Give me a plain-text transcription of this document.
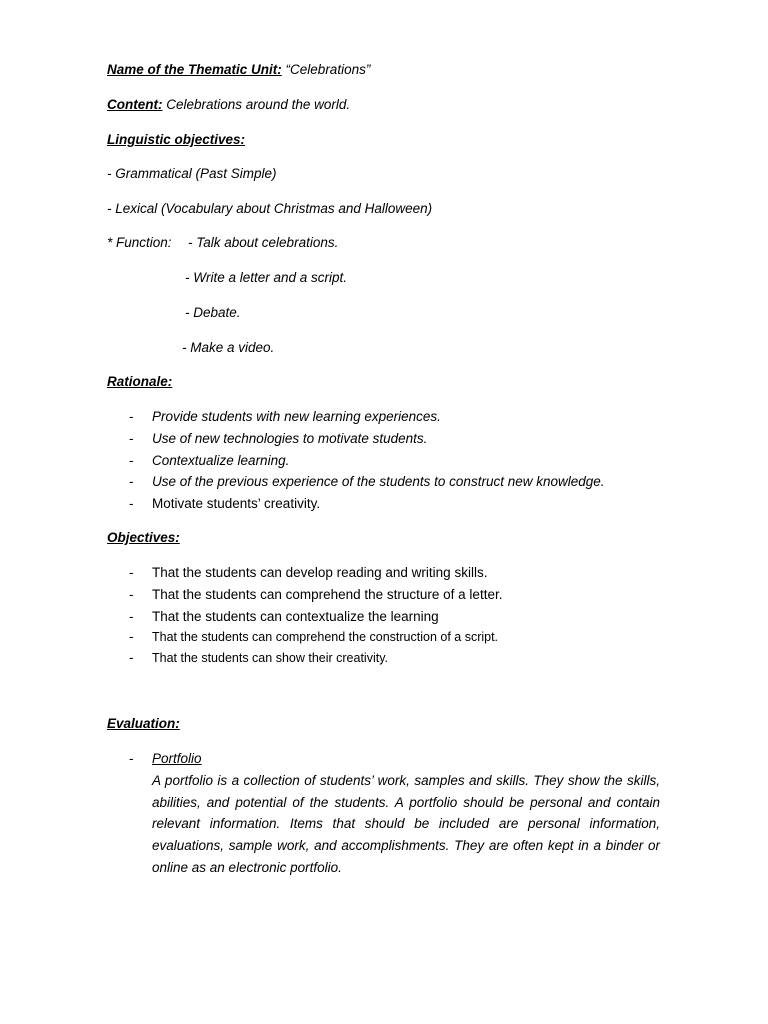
Name of the Thematic Unit: “Celebrations”
Content: Celebrations around the world.
Linguistic objectives:
- Grammatical (Past Simple)
- Lexical (Vocabulary about Christmas and Halloween)
* Function: - Talk about celebrations.
- Write a letter and a script.
- Debate.
- Make a video.
Rationale:
- Provide students with new learning experiences.
- Use of new technologies to motivate students.
- Contextualize learning.
- Use of the previous experience of the students to construct new knowledge.
- Motivate students’ creativity.
Objectives:
- That the students can develop reading and writing skills.
- That the students can comprehend the structure of a letter.
- That the students can contextualize the learning
- That the students can comprehend the construction of a script.
- That the students can show their creativity.
Evaluation:
- Portfolio
A portfolio is a collection of students’ work, samples and skills. They show the skills, abilities, and potential of the students. A portfolio should be personal and contain relevant information. Items that should be included are personal information, evaluations, sample work, and accomplishments. They are often kept in a binder or online as an electronic portfolio.
